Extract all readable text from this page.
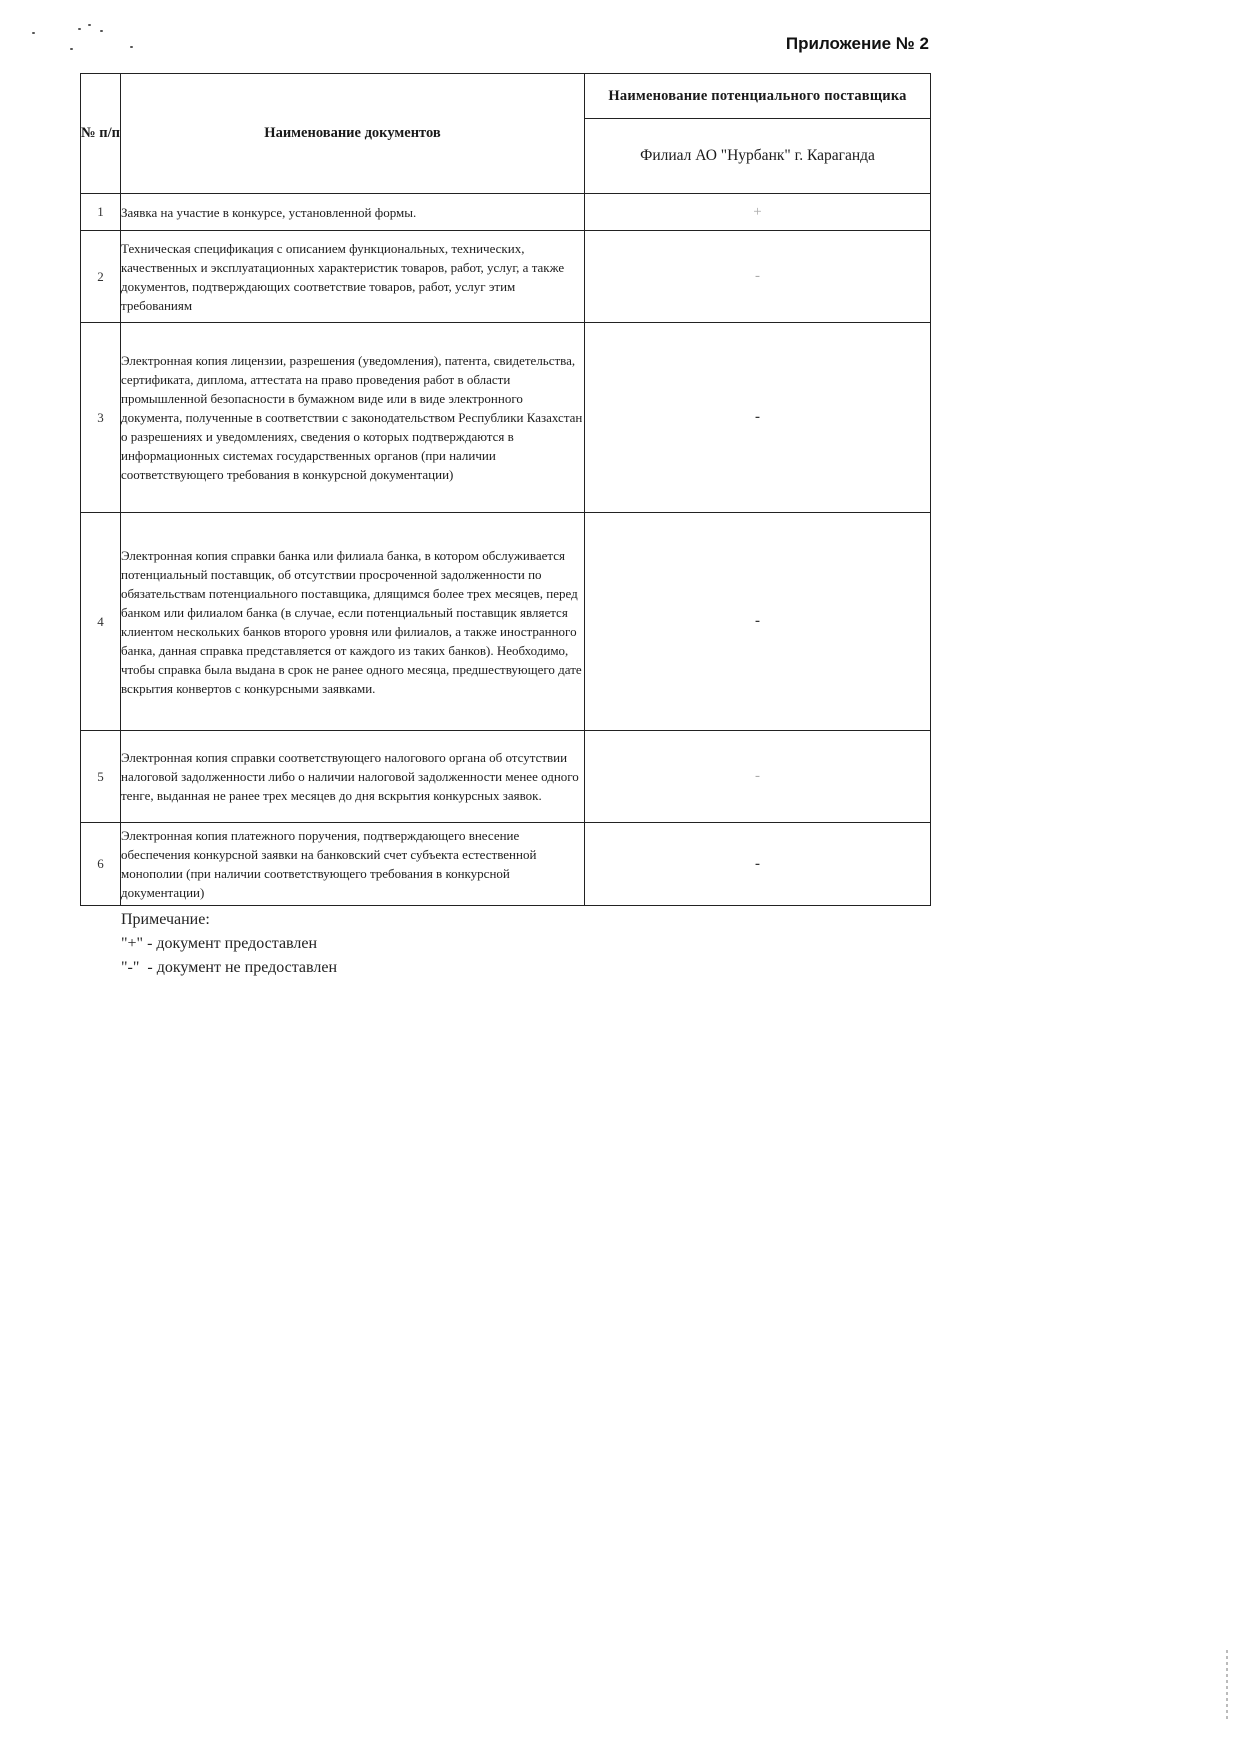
Приложение № 2
№ п/п	Наименование документов	Наименование потенциального поставщика
		Филиал АО "Нурбанк" г. Караганда
1	Заявка на участие в конкурсе, установленной формы.	+
2	Техническая спецификация с описанием функциональных, технических, качественных и эксплуатационных характеристик товаров, работ, услуг, а также документов, подтверждающих соответствие товаров, работ, услуг этим требованиям	-
3	Электронная копия лицензии, разрешения (уведомления), патента, свидетельства, сертификата, диплома, аттестата на право проведения работ в области промышленной безопасности в бумажном виде или в виде электронного документа, полученные в соответствии с законодательством Республики Казахстан о разрешениях и уведомлениях, сведения о которых подтверждаются в информационных системах государственных органов (при наличии соответствующего требования в конкурсной документации)	-
4	Электронная копия справки банка или филиала банка, в котором обслуживается потенциальный поставщик, об отсутствии просроченной задолженности по обязательствам потенциального поставщика, длящимся более трех месяцев, перед банком или филиалом банка (в случае, если потенциальный поставщик является клиентом нескольких банков второго уровня или филиалов, а также иностранного банка, данная справка представляется от каждого из таких банков). Необходимо, чтобы справка была выдана в срок не ранее одного месяца, предшествующего дате вскрытия конвертов с конкурсными заявками.	-
5	Электронная копия справки соответствующего налогового органа об отсутствии налоговой задолженности либо о наличии налоговой задолженности менее одного тенге, выданная не ранее трех месяцев до дня вскрытия конкурсных заявок.	-
6	Электронная копия платежного поручения, подтверждающего внесение обеспечения конкурсной заявки на банковский счет субъекта естественной монополии (при наличии соответствующего требования в конкурсной документации)	-
Примечание:
"+" - документ предоставлен
"-"  - документ не предоставлен
